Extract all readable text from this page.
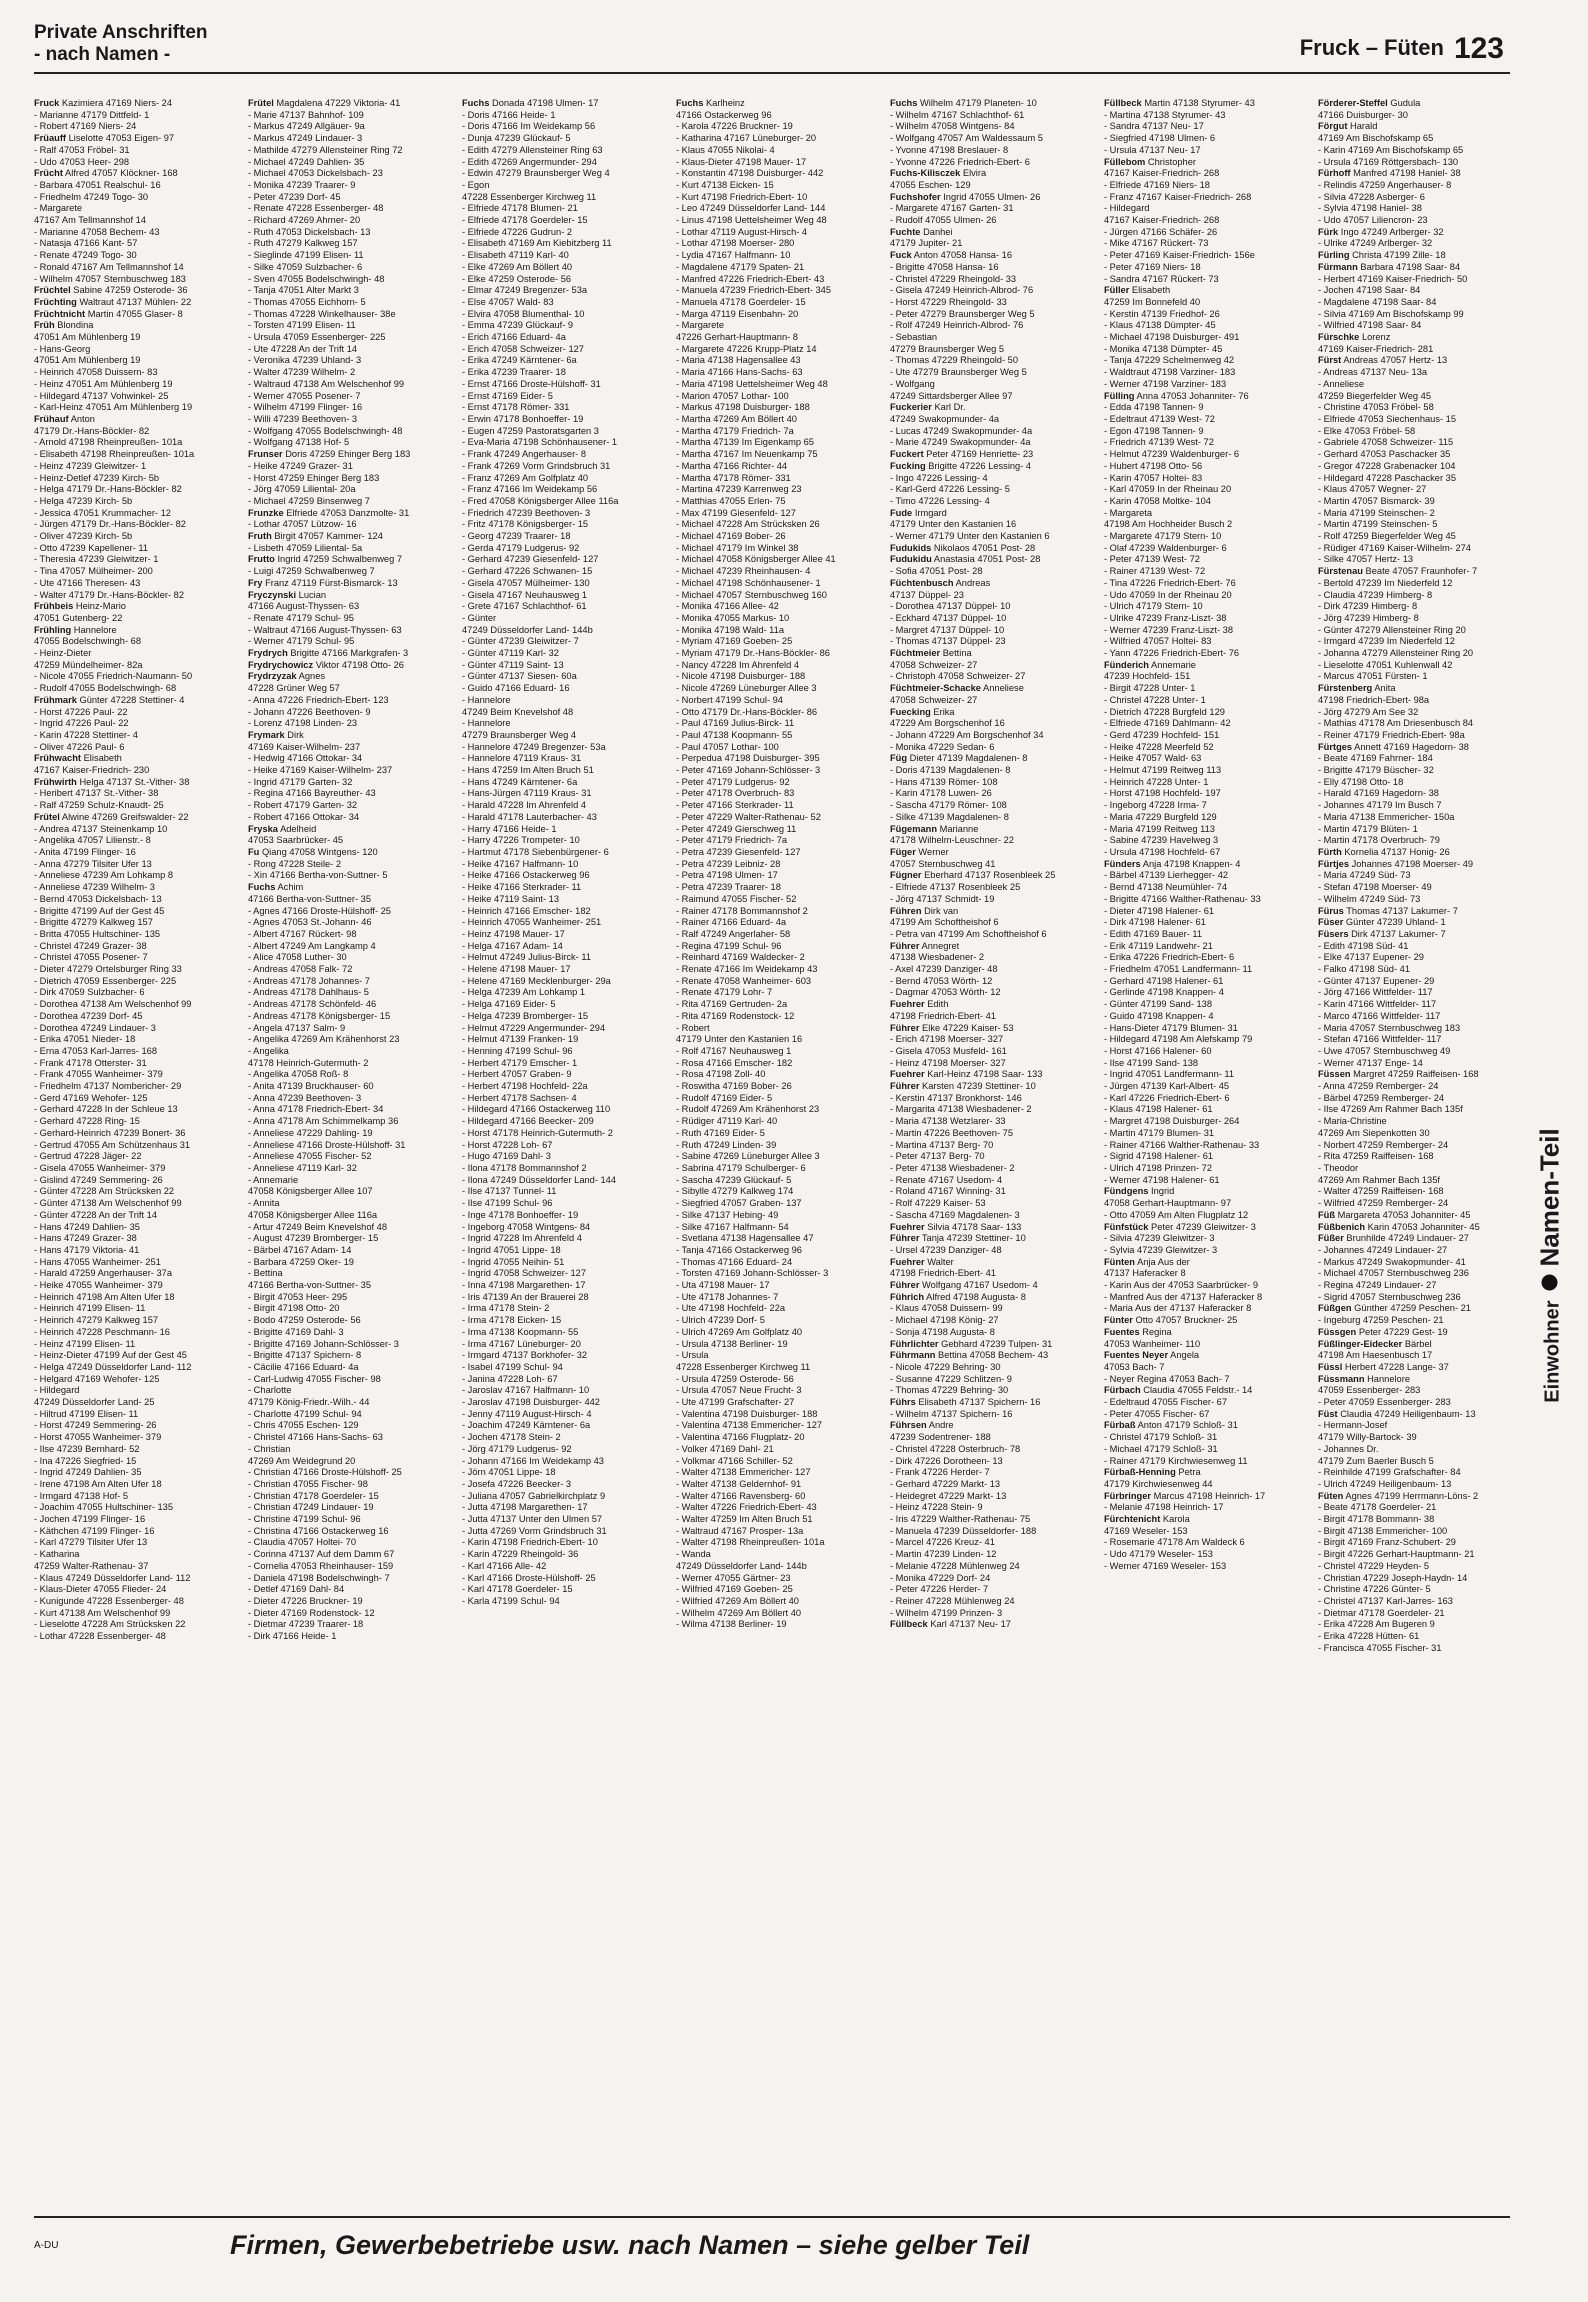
Private Anschriften
- nach Namen -	Fruck – Füten 123
Fruck Kazimiera 47169 Niers- 24
- Marianne 47179 Dittfeld- 1
- Robert 47169 Niers- 24
Früauff Liselotte 47053 Eigen- 97
- Ralf 47053 Fröbel- 31
- Udo 47053 Heer- 298
Frücht Alfred 47057 Klöckner- 168
- Barbara 47051 Realschul- 16
- Friedhelm 47249 Togo- 30
- Margarete
47167 Am Tellmannshof 14
- Marianne 47058 Bechem- 43
- Natasja 47166 Kant- 57
- Renate 47249 Togo- 30
- Ronald 47167 Am Tellmannshof 14
- Wilhelm 47057 Sternbuschweg 183
Früchtel Sabine 47259 Osterode- 36
Früchting Waltraut 47137 Mühlen- 22
Früchtnicht Martin 47055 Glaser- 8
Früh Blondina
47051 Am Mühlenberg 19
- Hans-Georg
47051 Am Mühlenberg 19
- Heinrich 47058 Duissern- 83
- Heinz 47051 Am Mühlenberg 19
- Hildegard 47137 Vohwinkel- 25
- Karl-Heinz 47051 Am Mühlenberg 19
Frühauf Anton
47179 Dr.-Hans-Böckler- 82
- Arnold 47198 Rheinpreußen- 101a
- Elisabeth 47198 Rheinpreußen- 101a
- Heinz 47239 Gleiwitzer- 1
- Heinz-Detlef 47239 Kirch- 5b
- Helga 47179 Dr.-Hans-Böckler- 82
- Helga 47239 Kirch- 5b
- Jessica 47051 Krummacher- 12
- Jürgen 47179 Dr.-Hans-Böckler- 82
- Oliver 47239 Kirch- 5b
- Otto 47239 Kapellener- 11
- Theresia 47239 Gleiwitzer- 1
- Tina 47057 Mülheimer- 200
- Ute 47166 Theresen- 43
- Walter 47179 Dr.-Hans-Böckler- 82
Frühbeis Heinz-Mario
47051 Gutenberg- 22
Frühling Hannelore
47055 Bodelschwingh- 68
- Heinz-Dieter
47259 Mündelheimer- 82a
- Nicole 47055 Friedrich-Naumann- 50
- Rudolf 47055 Bodelschwingh- 68
Frühmark Günter 47228 Stettiner- 4
- Horst 47226 Paul- 22
- Ingrid 47226 Paul- 22
- Karin 47228 Stettiner- 4
- Oliver 47226 Paul- 6
Frühwacht Elisabeth
47167 Kaiser-Friedrich- 230
Frühwirth Helga 47137 St.-Vither- 38
- Heribert 47137 St.-Vither- 38
- Ralf 47259 Schulz-Knaudt- 25
Frütel Alwine 47269 Greifswalder- 22
- Andrea 47137 Steinenkamp 10
- Angelika 47057 Lilienstr.- 8
- Anita 47199 Flinger- 16
- Anna 47279 Tilsiter Ufer 13
- Anneliese 47239 Am Lohkamp 8
- Anneliese 47239 Wilhelm- 3
- Bernd 47053 Dickelsbach- 13
- Brigitte 47199 Auf der Gest 45
- Brigitte 47279 Kalkweg 157
- Britta 47055 Hultschiner- 135
- Christel 47249 Grazer- 38
- Christel 47055 Posener- 7
- Dieter 47279 Ortelsburger Ring 33
- Dietrich 47059 Essenberger- 225
- Dirk 47059 Sulzbacher- 6
- Dorothea 47138 Am Welschenhof 99
- Dorothea 47239 Dorf- 45
- Dorothea 47249 Lindauer- 3
- Erika 47051 Nieder- 18
- Erna 47053 Karl-Jarres- 168
- Frank 47178 Otterster- 31
- Frank 47055 Wanheimer- 379
- Friedhelm 47137 Nombericher- 29
- Gerd 47169 Wehofer- 125
- Gerhard 47228 In der Schleue 13
- Gerhard 47228 Ring- 15
- Gerhard-Heinrich 47239 Bonert- 36
- Gertrud 47055 Am Schützenhaus 31
- Gertrud 47228 Jäger- 22
- Gisela 47055 Wanheimer- 379
- Gislind 47249 Semmering- 26
- Günter 47228 Am Strücksken 22
- Günter 47138 Am Welschenhof 99
- Günter 47228 An der Trift 14
- Hans 47249 Dahlien- 35
- Hans 47249 Grazer- 38
- Hans 47179 Viktoria- 41
- Hans 47055 Wanheimer- 251
- Harald 47259 Angerhauser- 37a
- Heike 47055 Wanheimer- 379
- Heinrich 47198 Am Alten Ufer 18
- Heinrich 47199 Elisen- 11
- Heinrich 47279 Kalkweg 157
- Heinrich 47228 Peschmann- 16
- Heinz 47199 Elisen- 11
- Heinz-Dieter 47199 Auf der Gest 45
- Helga 47249 Düsseldorfer Land- 112
- Helgard 47169 Wehofer- 125
- Hildegard
47249 Düsseldorfer Land- 25
- Hiltrud 47199 Elisen- 11
- Horst 47249 Semmering- 26
- Horst 47055 Wanheimer- 379
- Ilse 47239 Bernhard- 52
- Ina 47226 Siegfried- 15
- Ingrid 47249 Dahlien- 35
- Irene 47198 Am Alten Ufer 18
- Irmgard 47138 Hof- 5
- Joachim 47055 Hultschiner- 135
- Jochen 47199 Flinger- 16
- Käthchen 47199 Flinger- 16
- Karl 47279 Tilsiter Ufer 13
- Katharina
47259 Walter-Rathenau- 37
- Klaus 47249 Düsseldorfer Land- 112
- Klaus-Dieter 47055 Flieder- 24
- Kunigunde 47228 Essenberger- 48
- Kurt 47138 Am Welschenhof 99
- Lieselotte 47228 Am Strücksken 22
- Lothar 47228 Essenberger- 48
Frütel Magdalena 47229 Viktoria- 41
- Marie 47137 Bahnhof- 109
- Markus 47249 Allgäuer- 9a
- Markus 47249 Lindauer- 3
- Mathilde 47279 Allensteiner Ring 72
- Michael 47249 Dahlien- 35
- Michael 47053 Dickelsbach- 23
- Monika 47239 Traarer- 9
- Peter 47239 Dorf- 45
- Renate 47228 Essenberger- 48
- Richard 47269 Ahrner- 20
- Ruth 47053 Dickelsbach- 13
- Ruth 47279 Kalkweg 157
- Sieglinde 47199 Elisen- 11
- Silke 47059 Sulzbacher- 6
- Sven 47055 Bodelschwingh- 48
- Tanja 47051 Alter Markt 3
- Thomas 47055 Eichhorn- 5
- Thomas 47228 Winkelhauser- 38e
- Torsten 47199 Elisen- 11
- Ursula 47059 Essenberger- 225
- Ute 47228 An der Trift 14
- Veronika 47239 Uhland- 3
- Walter 47239 Wilhelm- 2
- Waltraud 47138 Am Welschenhof 99
- Werner 47055 Posener- 7
- Wilhelm 47199 Flinger- 16
- Willi 47239 Beethoven- 3
- Wolfgang 47055 Bodelschwingh- 48
- Wolfgang 47138 Hof- 5
Frunser Doris 47259 Ehinger Berg 183
- Heike 47249 Grazer- 31
- Horst 47259 Ehinger Berg 183
- Jörg 47059 Liliental- 20a
- Michael 47259 Binsenweg 7
Frunzke Elfriede 47053 Danzmolte- 31
- Lothar 47057 Lützow- 16
Fruth Birgit 47057 Kammer- 124
- Lisbeth 47059 Liliental- 5a
Frutto Ingrid 47259 Schwalbenweg 7
- Luigi 47259 Schwalbenweg 7
Fry Franz 47119 Fürst-Bismarck- 13
Fryczynski Lucian
47166 August-Thyssen- 63
- Renate 47179 Schul- 95
- Waltraut 47166 August-Thyssen- 63
- Werner 47179 Schul- 95
Frydrych Brigitte 47166 Markgrafen- 3
Frydrychowicz Viktor 47198 Otto- 26
Frydrzyzak Agnes
47228 Grüner Weg 57
- Anna 47226 Friedrich-Ebert- 123
- Johann 47226 Beethoven- 9
- Lorenz 47198 Linden- 23
Frymark Dirk
47169 Kaiser-Wilhelm- 237
- Hedwig 47166 Ottokar- 34
- Heike 47169 Kaiser-Wilhelm- 237
- Ingrid 47179 Garten- 32
- Regina 47166 Bayreuther- 43
- Robert 47179 Garten- 32
- Robert 47166 Ottokar- 34
Fryska Adelheid
47053 Saarbrücker- 45
Fu Qiang 47058 Wintgens- 120
- Rong 47228 Steile- 2
- Xin 47166 Bertha-von-Suttner- 5
Fuchs Achim
47166 Bertha-von-Suttner- 35
- Agnes 47166 Droste-Hülshoff- 25
- Agnes 47053 St.-Johann- 46
- Albert 47167 Rückert- 98
- Albert 47249 Am Langkamp 4
- Alice 47058 Luther- 30
- Andreas 47058 Falk- 72
- Andreas 47178 Johannes- 7
- Andreas 47178 Dahlhaus- 5
- Andreas 47178 Schönfeld- 46
- Andreas 47178 Königsberger- 15
- Angela 47137 Salm- 9
- Angelika 47269 Am Krähenhorst 23
- Angelika
47178 Heinrich-Gutermuth- 2
- Angelika 47058 Roß- 8
- Anita 47139 Bruckhauser- 60
- Anna 47239 Beethoven- 3
- Anna 47178 Friedrich-Ebert- 34
- Anna 47178 Am Schimmelkamp 36
- Anneliese 47229 Dahling- 19
- Anneliese 47166 Droste-Hülshoff- 31
- Anneliese 47055 Fischer- 52
- Anneliese 47119 Karl- 32
- Annemarie
47058 Königsberger Allee 107
- Annita
47058 Königsberger Allee 116a
- Artur 47249 Beim Knevelshof 48
- August 47239 Bromberger- 15
- Bärbel 47167 Adam- 14
- Barbara 47259 Oker- 19
- Bettina
47166 Bertha-von-Suttner- 35
- Birgit 47053 Heer- 295
- Birgit 47198 Otto- 20
- Bodo 47259 Osterode- 56
- Brigitte 47169 Dahl- 3
- Brigitte 47169 Johann-Schlösser- 3
- Brigitte 47137 Spichern- 8
- Cäcilie 47166 Eduard- 4a
- Carl-Ludwig 47055 Fischer- 98
- Charlotte
47179 König-Friedr.-Wilh.- 44
- Charlotte 47199 Schul- 94
- Chris 47055 Eschen- 129
- Christel 47166 Hans-Sachs- 63
- Christian
47269 Am Weidegrund 20
- Christian 47166 Droste-Hülshoff- 25
- Christian 47055 Fischer- 98
- Christian 47178 Goerdeler- 15
- Christian 47249 Lindauer- 19
- Christine 47199 Schul- 96
- Christina 47166 Ostackerweg 16
- Claudia 47057 Holtei- 70
- Corinna 47137 Auf dem Damm 67
- Cornelia 47053 Rheinhauser- 159
- Daniela 47198 Bodelschwingh- 7
- Detlef 47169 Dahl- 84
- Dieter 47226 Bruckner- 19
- Dieter 47169 Rodenstock- 12
- Dietmar 47239 Traarer- 18
- Dirk 47166 Heide- 1
Fuchs Donada 47198 Ulmen- 17
- Doris 47166 Heide- 1
- Doris 47166 Im Weidekamp 56
- Dunja 47239 Glückauf- 5
- Edith 47279 Allensteiner Ring 63
- Edith 47269 Angermunder- 294
- Edwin 47279 Braunsberger Weg 4
- Egon
47228 Essenberger Kirchweg 11
- Elfriede 47178 Blumen- 21
- Elfriede 47178 Goerdeler- 15
- Elfriede 47226 Gudrun- 2
- Elisabeth 47169 Am Kiebitzberg 11
- Elisabeth 47119 Karl- 40
- Elke 47269 Am Böllert 40
- Elke 47259 Osterode- 56
- Elmar 47249 Bregenzer- 53a
- Else 47057 Wald- 83
- Elvira 47058 Blumenthal- 10
- Emma 47239 Glückauf- 9
- Erich 47166 Eduard- 4a
- Erich 47058 Schweizer- 127
- Erika 47249 Kärntener- 6a
- Erika 47239 Traarer- 18
- Ernst 47166 Droste-Hülshoff- 31
- Ernst 47169 Eider- 5
- Ernst 47178 Römer- 331
- Erwin 47178 Bonhoeffer- 19
- Eugen 47259 Pastoratsgarten 3
- Eva-Maria 47198 Schönhausener- 1
- Frank 47249 Angerhauser- 8
- Frank 47269 Vorm Grindsbruch 31
- Franz 47269 Am Golfplatz 40
- Franz 47166 Im Weidekamp 56
- Fred 47058 Königsberger Allee 116a
- Friedrich 47239 Beethoven- 3
- Fritz 47178 Königsberger- 15
- Georg 47239 Traarer- 18
- Gerda 47179 Ludgerus- 92
- Gerhard 47239 Giesenfeld- 127
- Gerhard 47226 Schwanen- 15
- Gisela 47057 Mülheimer- 130
- Gisela 47167 Neuhausweg 1
- Grete 47167 Schlachthof- 61
- Günter
47249 Düsseldorfer Land- 144b
- Günter 47239 Gleiwitzer- 7
- Günter 47119 Karl- 32
- Günter 47119 Saint- 13
- Günter 47137 Siesen- 60a
- Guido 47166 Eduard- 16
- Hannelore
47249 Beim Knevelshof 48
- Hannelore
47279 Braunsberger Weg 4
- Hannelore 47249 Bregenzer- 53a
- Hannelore 47119 Kraus- 31
- Hans 47259 Im Alten Bruch 51
- Hans 47249 Kärntener- 6a
- Hans-Jürgen 47119 Kraus- 31
- Harald 47228 Im Ahrenfeld 4
- Harald 47178 Lauterbacher- 43
- Harry 47166 Heide- 1
- Harry 47226 Trompeter- 10
- Hartmut 47178 Siebenbürgener- 6
- Heike 47167 Halfmann- 10
- Heike 47166 Ostackerweg 96
- Heike 47166 Sterkrader- 11
- Heike 47119 Saint- 13
- Heinrich 47166 Emscher- 182
- Heinrich 47055 Wanheimer- 251
- Heinz 47198 Mauer- 17
- Helga 47167 Adam- 14
- Helmut 47249 Julius-Birck- 11
- Helene 47198 Mauer- 17
- Helene 47169 Mecklenburger- 29a
- Helga 47239 Am Lohkamp 1
- Helga 47169 Eider- 5
- Helga 47239 Bromberger- 15
- Helmut 47229 Angermunder- 294
- Helmut 47139 Franken- 19
- Henning 47199 Schul- 96
- Herbert 47179 Emscher- 1
- Herbert 47057 Graben- 9
- Herbert 47198 Hochfeld- 22a
- Herbert 47178 Sachsen- 4
- Hildegard 47166 Ostackerweg 110
- Hildegard 47166 Beecker- 209
- Horst 47178 Heinrich-Gutermuth- 2
- Horst 47228 Loh- 67
- Hugo 47169 Dahl- 3
- Ilona 47178 Bommannshof 2
- Ilona 47249 Düsseldorfer Land- 144
- Ilse 47137 Tunnel- 11
- Ilse 47199 Schul- 96
- Inge 47178 Bonhoeffer- 19
- Ingeborg 47058 Wintgens- 84
- Ingrid 47228 Im Ahrenfeld 4
- Ingrid 47051 Lippe- 18
- Ingrid 47055 Neihin- 51
- Ingrid 47058 Schweizer- 127
- Inna 47198 Margarethen- 17
- Iris 47139 An der Brauerei 28
- Irma 47178 Stein- 2
- Irma 47178 Eicken- 15
- Irma 47138 Koopmann- 55
- Irma 47167 Lüneburger- 20
- Irmgard 47137 Borkhofer- 32
- Isabel 47199 Schul- 94
- Janina 47228 Loh- 67
- Jaroslav 47167 Halfmann- 10
- Jaroslav 47198 Duisburger- 442
- Jenny 47119 August-Hirsch- 4
- Joachim 47249 Kärntener- 6a
- Jochen 47178 Stein- 2
- Jörg 47179 Ludgerus- 92
- Johann 47166 Im Weidekamp 43
- Jörn 47051 Lippe- 18
- Josefa 47226 Beecker- 3
- Juliana 47057 Gabrielkirchplatz 9
- Jutta 47198 Margarethen- 17
- Jutta 47137 Unter den Ulmen 57
- Jutta 47269 Vorm Grindsbruch 31
- Karin 47198 Friedrich-Ebert- 10
- Karin 47229 Rheingold- 36
- Karl 47166 Alle- 42
- Karl 47166 Droste-Hülshoff- 25
- Karl 47178 Goerdeler- 15
- Karla 47199 Schul- 94
Fuchs Karlheinz
47166 Ostackerweg 96
- Karola 47226 Bruckner- 19
- Katharina 47167 Lüneburger- 20
- Klaus 47055 Nikolai- 4
- Klaus-Dieter 47198 Mauer- 17
- Konstantin 47198 Duisburger- 442
- Kurt 47138 Eicken- 15
- Kurt 47198 Friedrich-Ebert- 10
- Leo 47249 Düsseldorfer Land- 144
- Linus 47198 Uettelsheimer Weg 48
- Lothar 47119 August-Hirsch- 4
- Lothar 47198 Moerser- 280
- Lydia 47167 Halfmann- 10
- Magdalene 47179 Spaten- 21
- Manfred 47226 Friedrich-Ebert- 43
- Manuela 47239 Friedrich-Ebert- 345
- Manuela 47178 Goerdeler- 15
- Marga 47119 Eisenbahn- 20
- Margarete
47226 Gerhart-Hauptmann- 8
- Margarete 47226 Krupp-Platz 14
- Maria 47138 Hagensallee 43
- Maria 47166 Hans-Sachs- 63
- Maria 47198 Uettelsheimer Weg 48
- Marion 47057 Lothar- 100
- Markus 47198 Duisburger- 188
- Martha 47269 Am Böllert 40
- Martha 47179 Friedrich- 7a
- Martha 47139 Im Eigenkamp 65
- Martha 47167 Im Neuenkamp 75
- Martha 47166 Richter- 44
- Martha 47178 Römer- 331
- Martina 47239 Karrenweg 23
- Matthias 47055 Erlen- 75
- Max 47199 Giesenfeld- 127
- Michael 47228 Am Strücksken 26
- Michael 47169 Bober- 26
- Michael 47179 Im Winkel 38
- Michael 47058 Königsberger Allee 41
- Michael 47239 Rheinhausen- 4
- Michael 47198 Schönhausener- 1
- Michael 47057 Sternbuschweg 160
- Monika 47166 Allee- 42
- Monika 47055 Markus- 10
- Monika 47198 Wald- 11a
- Myriam 47169 Goeben- 25
- Myriam 47179 Dr.-Hans-Böckler- 86
- Nancy 47228 Im Ahrenfeld 4
- Nicole 47198 Duisburger- 188
- Nicole 47269 Lüneburger Allee 3
- Norbert 47199 Schul- 94
- Otto 47179 Dr.-Hans-Böckler- 86
- Paul 47169 Julius-Birck- 11
- Paul 47138 Koopmann- 55
- Paul 47057 Lothar- 100
- Perpedua 47198 Duisburger- 395
- Peter 47169 Johann-Schlösser- 3
- Peter 47179 Ludgerus- 92
- Peter 47178 Overbruch- 83
- Peter 47166 Sterkrader- 11
- Peter 47229 Walter-Rathenau- 52
- Peter 47249 Gierschweg 11
- Peter 47179 Friedrich- 7a
- Petra 47239 Giesenfeld- 127
- Petra 47239 Leibniz- 28
- Petra 47198 Ulmen- 17
- Petra 47239 Traarer- 18
- Raimund 47055 Fischer- 52
- Rainer 47178 Bommannshof 2
- Rainer 47166 Eduard- 4a
- Ralf 47249 Angerlaher- 58
- Regina 47199 Schul- 96
- Reinhard 47169 Waldecker- 2
- Renate 47166 Im Weidekamp 43
- Renate 47058 Wanheimer- 603
- Renate 47179 Lohr- 7
- Rita 47169 Gertruden- 2a
- Rita 47169 Rodenstock- 12
- Robert
47179 Unter den Kastanien 16
- Rolf 47167 Neuhausweg 1
- Rosa 47166 Emscher- 182
- Rosa 47198 Zoll- 40
- Roswitha 47169 Bober- 26
- Rudolf 47169 Eider- 5
- Rudolf 47269 Am Krähenhorst 23
- Rüdiger 47119 Karl- 40
- Ruth 47169 Eider- 5
- Ruth 47249 Linden- 39
- Sabine 47269 Lüneburger Allee 3
- Sabrina 47179 Schulberger- 6
- Sascha 47239 Glückauf- 5
- Sibylle 47279 Kalkweg 174
- Siegfried 47057 Graben- 137
- Silke 47137 Hebing- 49
- Silke 47167 Halfmann- 54
- Svetlana 47138 Hagensallee 47
- Tanja 47166 Ostackerweg 96
- Thomas 47166 Eduard- 24
- Torsten 47169 Johann-Schlösser- 3
- Uta 47198 Mauer- 17
- Ute 47178 Johannes- 7
- Ute 47198 Hochfeld- 22a
- Ulrich 47239 Dorf- 5
- Ulrich 47269 Am Golfplatz 40
- Ursula 47138 Berliner- 19
- Ursula
47228 Essenberger Kirchweg 11
- Ursula 47259 Osterode- 56
- Ursula 47057 Neue Frucht- 3
- Ute 47199 Grafschafter- 27
- Valentina 47198 Duisburger- 188
- Valentina 47138 Emmericher- 127
- Valentina 47166 Flugplatz- 20
- Volker 47169 Dahl- 21
- Volkmar 47166 Schiller- 52
- Walter 47138 Emmericher- 127
- Walter 47138 Geldernhof- 91
- Walter 47166 Ravensberg- 60
- Walter 47226 Friedrich-Ebert- 43
- Walter 47259 Im Alten Bruch 51
- Waltraud 47167 Prosper- 13a
- Walter 47198 Rheinpreußen- 101a
- Wanda
47249 Düsseldorfer Land- 144b
- Werner 47055 Gärtner- 23
- Wilfried 47169 Goeben- 25
- Wilfried 47269 Am Böllert 40
- Wilhelm 47269 Am Böllert 40
- Wilma 47138 Berliner- 19
Fuchs Wilhelm 47179 Planeten- 10
- Wilhelm 47167 Schlachthof- 61
- Wilhelm 47058 Wintgens- 84
- Wolfgang 47057 Am Waldessaum 5
- Yvonne 47198 Breslauer- 8
- Yvonne 47226 Friedrich-Ebert- 6
Fuchs-Kilisczek Elvira
47055 Eschen- 129
Fuchshofer Ingrid 47055 Ulmen- 26
- Margarete 47167 Garten- 31
- Rudolf 47055 Ulmen- 26
Fuchte Danhei
47179 Jupiter- 21
Fuck Anton 47058 Hansa- 16
- Brigitte 47058 Hansa- 16
- Christel 47229 Rheingold- 33
- Gisela 47249 Heinrich-Albrod- 76
- Horst 47229 Rheingold- 33
- Peter 47279 Braunsberger Weg 5
- Rolf 47249 Heinrich-Albrod- 76
- Sebastian
47279 Braunsberger Weg 5
- Thomas 47229 Rheingold- 50
- Ute 47279 Braunsberger Weg 5
- Wolfgang
47249 Sittardsberger Allee 97
Fuckerier Karl Dr.
47249 Swakopmunder- 4a
- Lucas 47249 Swakopmunder- 4a
- Marie 47249 Swakopmunder- 4a
Fuckert Peter 47169 Henriette- 23
Fucking Brigitte 47226 Lessing- 4
- Ingo 47226 Lessing- 4
- Karl-Gerd 47226 Lessing- 5
- Timo 47226 Lessing- 4
Fude Irmgard
47179 Unter den Kastanien 16
- Werner 47179 Unter den Kastanien 6
Fudukids Nikolaos 47051 Post- 28
Fudukidu Anastasia 47051 Post- 28
- Sofia 47051 Post- 28
Füchtenbusch Andreas
47137 Düppel- 23
- Dorothea 47137 Düppel- 10
- Eckhard 47137 Düppel- 10
- Margret 47137 Düppel- 10
- Thomas 47137 Düppel- 23
Füchtmeier Bettina
47058 Schweizer- 27
- Christoph 47058 Schweizer- 27
Füchtmeier-Schacke Anneliese
47058 Schweizer- 27
Fuecking Erika
47229 Am Borgschenhof 16
- Johann 47229 Am Borgschenhof 34
- Monika 47229 Sedan- 6
Füg Dieter 47139 Magdalenen- 8
- Doris 47139 Magdalenen- 8
- Hans 47139 Römer- 108
- Karin 47178 Luwen- 26
- Sascha 47179 Römer- 108
- Silke 47139 Magdalenen- 8
Fügemann Marianne
47178 Wilhelm-Leuschner- 22
Füger Werner
47057 Sternbuschweg 41
Fügner Eberhard 47137 Rosenbleek 25
- Elfriede 47137 Rosenbleek 25
- Jörg 47137 Schmidt- 19
Führen Dirk van
47199 Am Schoftheishof 6
- Petra van 47199 Am Schoftheishof 6
Führer Annegret
47138 Wiesbadener- 2
- Axel 47239 Danziger- 48
- Bernd 47053 Wörth- 12
- Dagmar 47053 Wörth- 12
Fuehrer Edith
47198 Friedrich-Ebert- 41
Führer Elke 47229 Kaiser- 53
- Erich 47198 Moerser- 327
- Gisela 47053 Musfeld- 161
- Heinz 47198 Moerser- 327
Fuehrer Karl-Heinz 47198 Saar- 133
Führer Karsten 47239 Stettiner- 10
- Kerstin 47137 Bronkhorst- 146
- Margarita 47138 Wiesbadener- 2
- Maria 47138 Wetzlarer- 33
- Martin 47226 Beethoven- 75
- Martina 47137 Berg- 70
- Peter 47137 Berg- 70
- Peter 47138 Wiesbadener- 2
- Renate 47167 Usedom- 4
- Roland 47167 Winning- 31
- Rolf 47229 Kaiser- 53
- Sascha 47169 Magdalenen- 3
Fuehrer Silvia 47178 Saar- 133
Führer Tanja 47239 Stettiner- 10
- Ursel 47239 Danziger- 48
Fuehrer Walter
47198 Friedrich-Ebert- 41
Führer Wolfgang 47167 Usedom- 4
Führich Alfred 47198 Augusta- 8
- Klaus 47058 Duissern- 99
- Michael 47198 König- 27
- Sonja 47198 Augusta- 8
Führlichter Gebhard 47239 Tulpen- 31
Führmann Bettina 47058 Bechem- 43
- Nicole 47229 Behring- 30
- Susanne 47229 Schlitzen- 9
- Thomas 47229 Behring- 30
Führs Elisabeth 47137 Spichern- 16
- Wilhelm 47137 Spichern- 16
Führsen Andre
47239 Sodentrener- 188
- Christel 47228 Osterbruch- 78
- Dirk 47226 Dorotheen- 13
- Frank 47226 Herder- 7
- Gerhard 47229 Markt- 13
- Heidegret 47229 Markt- 13
- Heinz 47228 Stein- 9
- Iris 47229 Walther-Rathenau- 75
- Manuela 47239 Düsseldorfer- 188
- Marcel 47226 Kreuz- 41
- Martin 47239 Linden- 12
- Melanie 47228 Mühlenweg 24
- Monika 47229 Dorf- 24
- Peter 47226 Herder- 7
- Reiner 47228 Mühlenweg 24
- Wilhelm 47199 Prinzen- 3
Füllbeck Karl 47137 Neu- 17
Füllbeck Martin 47138 Styrumer- 43
- Martina 47138 Styrumer- 43
- Sandra 47137 Neu- 17
- Siegfried 47198 Ulmen- 6
- Ursula 47137 Neu- 17
Füllebom Christopher
47167 Kaiser-Friedrich- 268
- Elfriede 47169 Niers- 18
- Franz 47167 Kaiser-Friedrich- 268
- Hildegard
47167 Kaiser-Friedrich- 268
- Jürgen 47166 Schäfer- 26
- Mike 47167 Rückert- 73
- Peter 47169 Kaiser-Friedrich- 156e
- Peter 47169 Niers- 18
- Sandra 47167 Rückert- 73
Füller Elisabeth
47259 Im Bonnefeld 40
- Kerstin 47139 Friedhof- 26
- Klaus 47138 Dümpter- 45
- Michael 47198 Duisburger- 491
- Monika 47138 Dümpter- 45
- Tanja 47229 Schelmenweg 42
- Waldtraut 47198 Varziner- 183
- Werner 47198 Varziner- 183
Fülling Anna 47053 Johanniter- 76
- Edda 47198 Tannen- 9
- Edeltraut 47139 West- 72
- Egon 47198 Tannen- 9
- Friedrich 47139 West- 72
- Helmut 47239 Waldenburger- 6
- Hubert 47198 Otto- 56
- Karin 47057 Holtei- 83
- Karl 47059 In der Rheinau 20
- Karin 47058 Moltke- 104
- Margareta
47198 Am Hochheider Busch 2
- Margarete 47179 Stern- 10
- Olaf 47239 Waldenburger- 6
- Peter 47139 West- 72
- Rainer 47139 West- 72
- Tina 47226 Friedrich-Ebert- 76
- Udo 47059 In der Rheinau 20
- Ulrich 47179 Stern- 10
- Ulrike 47239 Franz-Liszt- 38
- Werner 47239 Franz-Liszt- 38
- Wilfried 47057 Holtei- 83
- Yann 47226 Friedrich-Ebert- 76
Fünderich Annemarie
47239 Hochfeld- 151
- Birgit 47228 Unter- 1
- Christel 47228 Unter- 1
- Dietrich 47228 Burgfeld 129
- Elfriede 47169 Dahlmann- 42
- Gerd 47239 Hochfeld- 151
- Heike 47228 Meerfeld 52
- Heike 47057 Wald- 63
- Helmut 47199 Reitweg 113
- Heinrich 47228 Unter- 1
- Horst 47198 Hochfeld- 197
- Ingeborg 47228 Irma- 7
- Maria 47229 Burgfeld 129
- Maria 47199 Reitweg 113
- Sabine 47239 Havelweg 3
- Ursula 47198 Hochfeld- 67
Fünders Anja 47198 Knappen- 4
- Bärbel 47139 Lierhegger- 42
- Bernd 47138 Neumühler- 74
- Brigitte 47166 Walther-Rathenau- 33
- Dieter 47198 Halener- 61
- Dirk 47198 Halener- 61
- Edith 47169 Bauer- 11
- Erik 47119 Landwehr- 21
- Erika 47226 Friedrich-Ebert- 6
- Friedhelm 47051 Landfermann- 11
- Gerhard 47198 Halener- 61
- Gerlinde 47198 Knappen- 4
- Günter 47199 Sand- 138
- Guido 47198 Knappen- 4
- Hans-Dieter 47179 Blumen- 31
- Hildegard 47198 Am Alefskamp 79
- Horst 47166 Halener- 60
- Ilse 47199 Sand- 138
- Ingrid 47051 Landfermann- 11
- Jürgen 47139 Karl-Albert- 45
- Karl 47226 Friedrich-Ebert- 6
- Klaus 47198 Halener- 61
- Margret 47198 Duisburger- 264
- Martin 47179 Blumen- 31
- Rainer 47166 Walther-Rathenau- 33
- Sigrid 47198 Halener- 61
- Ulrich 47198 Prinzen- 72
- Werner 47198 Halener- 61
Fündgens Ingrid
47058 Gerhart-Hauptmann- 97
- Otto 47059 Am Alten Flugplatz 12
Fünfstück Peter 47239 Gleiwitzer- 3
- Silvia 47239 Gleiwitzer- 3
- Sylvia 47239 Gleiwitzer- 3
Fünten Anja Aus der
47137 Haferacker 8
- Karin Aus der 47053 Saarbrücker- 9
- Manfred Aus der 47137 Haferacker 8
- Maria Aus der 47137 Haferacker 8
Fünter Otto 47057 Bruckner- 25
Fuentes Regina
47053 Wanheimer- 110
Fuentes Neyer Angela
47053 Bach- 7
- Neyer Regina 47053 Bach- 7
Fürbach Claudia 47055 Feldstr.- 14
- Edeltraud 47055 Fischer- 67
- Peter 47055 Fischer- 67
Fürbaß Anton 47179 Schloß- 31
- Christel 47179 Schloß- 31
- Michael 47179 Schloß- 31
- Rainer 47179 Kirchwiesenweg 11
Fürbaß-Henning Petra
47179 Kirchwiesenweg 44
Fürbringer Marcus 47198 Heinrich- 17
- Melanie 47198 Heinrich- 17
Fürchtenicht Karola
47169 Weseler- 153
- Rosemarie 47178 Am Waldeck 6
- Udo 47179 Weseler- 153
- Werner 47169 Weseler- 153
Förderer-Steffel Gudula
47166 Duisburger- 30
Förgut Harald
47169 Am Bischofskamp 65
- Karin 47169 Am Bischofskamp 65
- Ursula 47169 Röttgersbach- 130
Fürhoff Manfred 47198 Haniel- 38
- Relindis 47259 Angerhauser- 8
- Silvia 47228 Asberger- 6
- Sylvia 47198 Haniel- 38
- Udo 47057 Liliencron- 23
Fürk Ingo 47249 Arlberger- 32
- Ulrike 47249 Arlberger- 32
Fürling Christa 47199 Zille- 18
Fürmann Barbara 47198 Saar- 84
- Herbert 47169 Kaiser-Friedrich- 50
- Jochen 47198 Saar- 84
- Magdalene 47198 Saar- 84
- Silvia 47169 Am Bischofskamp 99
- Wilfried 47198 Saar- 84
Fürschke Lorenz
47169 Kaiser-Friedrich- 281
Fürst Andreas 47057 Hertz- 13
- Andreas 47137 Neu- 13a
- Anneliese
47259 Biegerfelder Weg 45
- Christine 47053 Fröbel- 58
- Elfriede 47053 Siechenhaus- 15
- Elke 47053 Fröbel- 58
- Gabriele 47058 Schweizer- 115
- Gerhard 47053 Paschacker 35
- Gregor 47228 Grabenacker 104
- Hildegard 47228 Paschacker 35
- Klaus 47057 Wegner- 27
- Martin 47057 Bismarck- 39
- Maria 47199 Steinschen- 2
- Martin 47199 Steinschen- 5
- Rolf 47259 Biegerfelder Weg 45
- Rüdiger 47169 Kaiser-Wilhelm- 274
- Silke 47057 Hertz- 13
Fürstenau Beate 47057 Fraunhofer- 7
- Bertold 47239 Im Niederfeld 12
- Claudia 47239 Himberg- 8
- Dirk 47239 Himberg- 8
- Jörg 47239 Himberg- 8
- Günter 47279 Allensteiner Ring 20
- Irmgard 47239 Im Niederfeld 12
- Johanna 47279 Allensteiner Ring 20
- Lieselotte 47051 Kuhlenwall 42
- Marcus 47051 Fürsten- 1
Fürstenberg Anita
47198 Friedrich-Ebert- 98a
- Jörg 47279 Am See 32
- Mathias 47178 Am Driesenbusch 84
- Reiner 47179 Friedrich-Ebert- 98a
Fürtges Annett 47169 Hagedorn- 38
- Beate 47169 Fahrner- 184
- Brigitte 47179 Büscher- 32
- Elly 47198 Otto- 18
- Harald 47169 Hagedorn- 38
- Johannes 47179 Im Busch 7
- Maria 47138 Emmericher- 150a
- Martin 47179 Blüten- 1
- Martin 47178 Overbruch- 79
Fürth Kornelia 47137 Honig- 26
Fürtjes Johannes 47198 Moerser- 49
- Maria 47249 Süd- 73
- Stefan 47198 Moerser- 49
- Wilhelm 47249 Süd- 73
Fürus Thomas 47137 Lakumer- 7
Füser Günter 47239 Uhland- 1
Füsers Dirk 47137 Lakumer- 7
- Edith 47198 Süd- 41
- Elke 47137 Eupener- 29
- Falko 47198 Süd- 41
- Günter 47137 Eupener- 29
- Jörg 47166 Wittfelder- 117
- Karin 47166 Wittfelder- 117
- Marco 47166 Wittfelder- 117
- Maria 47057 Sternbuschweg 183
- Stefan 47166 Wittfelder- 117
- Uwe 47057 Sternbuschweg 49
- Werner 47137 Enge- 14
Füssen Margret 47259 Raiffeisen- 168
- Anna 47259 Remberger- 24
- Bärbel 47259 Remberger- 24
- Ilse 47269 Am Rahmer Bach 135f
- Maria-Christine
47269 Am Siepenkotten 30
- Norbert 47259 Remberger- 24
- Rita 47259 Raiffeisen- 168
- Theodor
47269 Am Rahmer Bach 135f
- Walter 47259 Raiffeisen- 168
- Wilfried 47259 Remberger- 24
Füß Margareta 47053 Johanniter- 45
Füßbenich Karin 47053 Johanniter- 45
Füßer Brunhilde 47249 Lindauer- 27
- Johannes 47249 Lindauer- 27
- Markus 47249 Swakopmunder- 41
- Michael 47057 Sternbuschweg 236
- Regina 47249 Lindauer- 27
- Sigrid 47057 Sternbuschweg 236
Füßgen Günther 47259 Peschen- 21
- Ingeburg 47259 Peschen- 21
Füssgen Peter 47229 Gest- 19
Füßlinger-Eidecker Bärbel
47198 Am Haesenbusch 17
Füssl Herbert 47228 Lange- 37
Füssmann Hannelore
47059 Essenberger- 283
- Peter 47059 Essenberger- 283
Füst Claudia 47249 Heiligenbaum- 13
- Hermann-Josef
47179 Willy-Bartock- 39
- Johannes Dr.
47179 Zum Baerler Busch 5
- Reinhilde 47199 Grafschafter- 84
- Ulrich 47249 Heiligenbaum- 13
Füten Agnes 47199 Herrmann-Löns- 2
- Beate 47178 Goerdeler- 21
- Birgit 47178 Bommann- 38
- Birgit 47138 Emmericher- 100
- Birgit 47169 Franz-Schubert- 29
- Birgit 47226 Gerhart-Hauptmann- 21
- Christel 47229 Heyden- 5
- Christian 47229 Joseph-Haydn- 14
- Christine 47226 Günter- 5
- Christel 47137 Karl-Jarres- 163
- Dietmar 47178 Goerdeler- 21
- Erika 47228 Am Bugeren 9
- Erika 47228 Hütten- 61
- Francisca 47055 Fischer- 31
EinwohnerNamen-Teil
A-DU	Firmen, Gewerbebetriebe usw. nach Namen – siehe gelber Teil
